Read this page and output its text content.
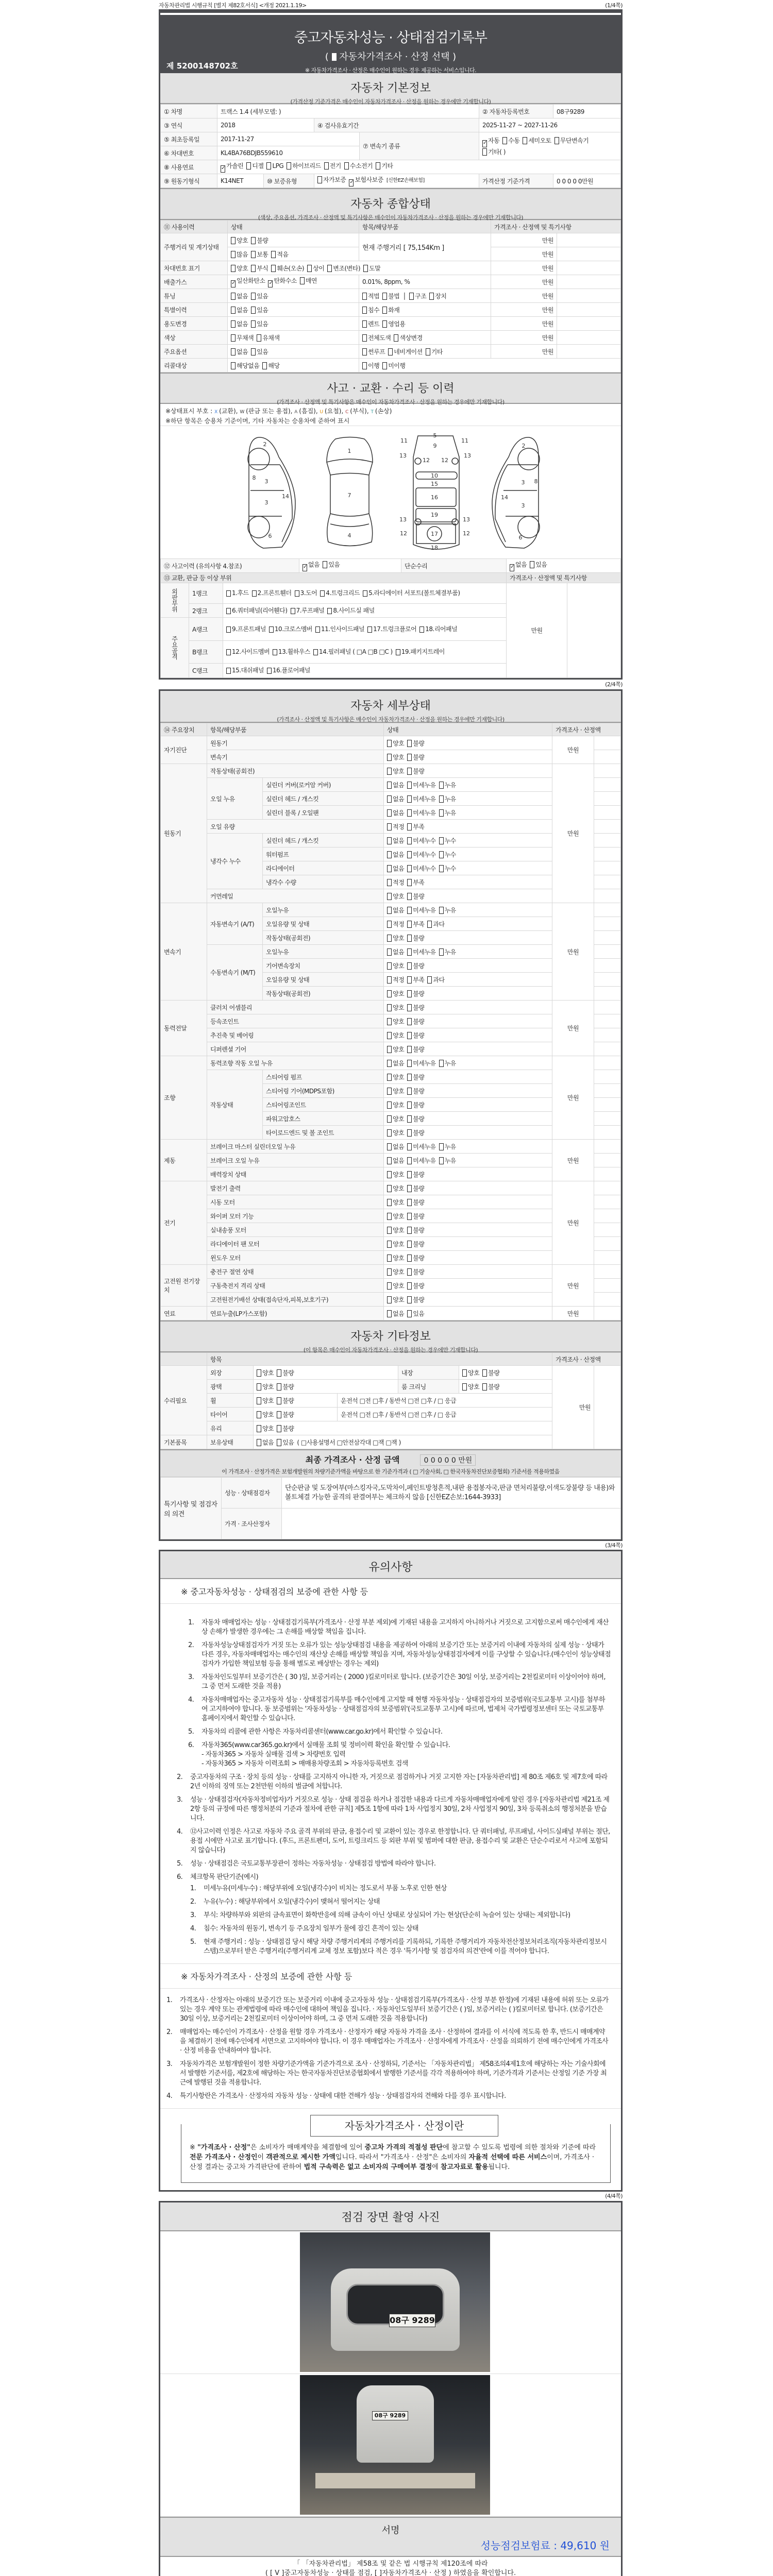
자동차관리법 시행규칙 [별지 제82호서식] <개정 2021.1.19>	(1/4쪽)
중고자동차성능 · 상태점검기록부
( 자동차가격조사 · 산정 선택 )
※ 자동차가격조사 · 산정은 매수인이 원하는 경우 제공하는 서비스입니다.
제 5200148702호
자동차 기본정보
(가격산정 기준가격은 매수인이 자동차가격조사 · 산정을 원하는 경우에만 기재합니다)
① 차명	트랙스 1.4 (세부모델: )				② 자동차등록번호	08구9289
③ 연식	2018		④ 검사유효기간		2025-11-27 ~ 2027-11-26	
⑤ 최초등록일	2017-11-27			⑦ 변속기 종류	✓ 자동 수동 세미오토 무단변속기기타( )	
⑥ 차대번호	KL4BA76BDJB559610					
⑧ 사용연료	✓ 가솔린 디젤 LPG 하이브리드 전기 수소전기 기타					
⑨ 원동기형식	K14NET	⑩ 보증유형	자가보증 ✓ 보험사보증 [신한EZ손해보험]		가격산정 기준가격	0 0 0 0 0만원
자동차 종합상태
(색상, 주요옵션, 가격조사 · 산정액 및 특기사항은 매수인이 자동차가격조사 · 산정을 원하는 경우에만 기재합니다)
⑪ 사용이력	상태	항목/해당부품	가격조사 · 산정액 및 특기사항	
주행거리 및 계기상태	양호 불량	현재 주행거리 [ 75,154Km ]	만원	
	많음 보통 적음		만원	
차대번호 표기	양호 부식 훼손(오손) 상이 변조(변타) 도말		만원	
배출가스	✓ 일산화탄소 ✓ 탄화수소 매연	0.01%, 8ppm, %	만원	
튜닝	없음 있음	적법 불법 │ 구조 장치	만원	
특별이력	없음 있음	침수 화재	만원	
용도변경	없음 있음	렌트 영업용	만원	
색상	무채색 유채색	전체도색 색상변경	만원	
주요옵션	없음 있음	썬루프 네비게이션 기타	만원	
리콜대상	해당없음 해당	이행 미이행		
사고 · 교환 · 수리 등 이력
(가격조사 · 산정액 및 특기사항은 매수인이 자동차가격조사 · 산정을 원하는 경우에만 기재합니다)
※상태표시 부호 : X (교환), W (판금 또는 용접), A (흠집), U (요철), C (부식), T (손상)
※하단 항목은 승용차 기준이며, 기타 자동차는 승용차에 준하여 표시
2
8
3
3
14
6
1
7
4
5
9
11	11
13	13
12 12
10
15
16
19
13	13
12	12
17
18
2
3 8
14
3
6
⑫ 사고이력 (유의사항 4.참조)			✓ 없음 있음	단순수리	✓ 없음 있음	
⑬ 교환, 판금 등 이상 부위					가격조사 · 산정액 및 특기사항	
외판부위	1랭크	1.후드 2.프론트휀더 3.도어 4.트렁크리드 5.라디에이터 서포트(볼트체결부품)			만원	
	2랭크	6.쿼터패널(리어휀다) 7.루프패널 8.사이드실 패널				
주요골격	A랭크	9.프론트패널 10.크로스멤버 11.인사이드패널 17.트렁크플로어 18.리어패널				
	B랭크	12.사이드멤버 13.휠하우스 14.필러패널 ( □A □B □C ) 19.패키지트레이				
	C랭크	15.대쉬패널 16.플로어패널				
(2/4쪽)
자동차 세부상태
(가격조사 · 산정액 및 특기사항은 매수인이 자동차가격조사 · 산정을 원하는 경우에만 기재합니다)
⑭ 주요장치	항목/해당부품		상태	가격조사 · 산정액	
자기진단	원동기		양호 불량	만원	
	변속기		양호 불량		
원동기	작동상태(공회전)		양호 불량	만원	
	오일 누유	실린더 커버(로커암 커버)	없음 미세누유 누유		
		실린더 헤드 / 개스킷	없음 미세누유 누유		
		실린더 블록 / 오일팬	없음 미세누유 누유		
	오일 유량		적정 부족		
	냉각수 누수	실린더 헤드 / 개스킷	없음 미세누수 누수		
		워터펌프	없음 미세누수 누수		
		라디에이터	없음 미세누수 누수		
		냉각수 수량	적정 부족		
	커먼레일		양호 불량		
변속기	자동변속기 (A/T)	오일누유	없음 미세누유 누유	만원	
		오일유량 및 상태	적정 부족 과다		
		작동상태(공회전)	양호 불량		
	수동변속기 (M/T)	오일누유	없음 미세누유 누유		
		기어변속장치	양호 불량		
		오일유량 및 상태	적정 부족 과다		
		작동상태(공회전)	양호 불량		
동력전달	클러치 어셈블리		양호 불량	만원	
	등속조인트		양호 불량		
	추진축 및 베어링		양호 불량		
	디퍼렌셜 기어		양호 불량		
조향	동력조향 작동 오일 누유		없음 미세누유 누유	만원	
	작동상태	스티어링 펌프	양호 불량		
		스티어링 기어(MDPS포함)	양호 불량		
		스티어링조인트	양호 불량		
		파워고압호스	양호 불량		
		타이로드엔드 및 볼 조인트	양호 불량		
제동	브레이크 마스터 실린더오일 누유		없음 미세누유 누유	만원	
	브레이크 오일 누유		없음 미세누유 누유		
	배력장치 상태		양호 불량		
전기	발전기 출력		양호 불량	만원	
	시동 모터		양호 불량		
	와이퍼 모터 기능		양호 불량		
	실내송풍 모터		양호 불량		
	라디에이터 팬 모터		양호 불량		
	윈도우 모터		양호 불량		
고전원 전기장치	충전구 절연 상태		양호 불량	만원	
	구동축전지 격리 상태		양호 불량		
	고전원전기배선 상태(접속단자,피복,보호기구)		양호 불량		
연료	연료누출(LP가스포함)		없음 있음	만원	
자동차 기타정보
(이 항목은 매수인이 자동차가격조사 · 산정을 원하는 경우에만 기재합니다)
	항목					가격조사 · 산정액	
수리필요	외장	양호 불량		내장	양호 불량	만원	
	광택	양호 불량		룸 크리닝	양호 불량		
	휠	양호 불량	운전석 □전 □후 / 동반석 □전 □후 / □ 응급				
	타이어	양호 불량	운전석 □전 □후 / 동반석 □전 □후 / □ 응급				
	유리	양호 불량					
기본품목	보유상태	없음 있음 ( □사용설명서 □안전삼각대 □잭 □잭 )					
최종 가격조사 · 산정 금액	0 0 0 0 0 만원
이 가격조사 · 산정가격은 보험개발원의 차량기준가액을 바탕으로 한 기준가격과 ( □ 기술사회, □ 한국자동차진단보증협회) 기준서를 적용하였음
특기사항 및 점검자의 의견	성능 · 상태점검자	단순판금 및 도장여부(마스킹자국,도막차이,페인트방청흔적,내판 용접봉자국,판금 면처리불량,이색도장불량 등 내용)와 볼트체결 가능한 골격의 판결여부는 체크하지 않음 [신한EZ손보:1644-3933]
	가격 · 조사산정자	
(3/4쪽)
유의사항
※ 중고자동차성능 · 상태점검의 보증에 관한 사항 등
1.	자동차 매매업자는 성능 · 상태점검기록부(가격조사 · 산정 부분 제외)에 기재된 내용을 고지하지 아니하거나 거짓으로 고지함으로써 매수인에게 재산상 손해가 발생한 경우에는 그 손해를 배상할 책임을 집니다.
2.	자동차성능상태점검자가 거짓 또는 오류가 있는 성능상태점검 내용을 제공하여 아래의 보증기간 또는 보증거리 이내에 자동차의 실제 성능 · 상태가 다른 경우, 자동차매매업자는 매수인의 재산상 손해를 배상할 책임을 지며, 자동차성능상태점검자에게 이를 구상할 수 있습니다.(매수인이 성능상태점검자가 가입한 책임보험 등을 통해 별도로 배상받는 경우는 제외)
3.	자동차인도일부터 보증기간은 ( 30 )일, 보증거리는 ( 2000 )킬로미터로 합니다. (보증기간은 30일 이상, 보증거리는 2천킬로미터 이상이어야 하며, 그 중 먼저 도래한 것을 적용)
4.	자동차매매업자는 중고자동차 성능 · 상태점검기록부를 매수인에게 고지할 때 현행 자동차성능 · 상태점검자의 보증범위(국토교통부 고시)를 첨부하여 고지하여야 합니다. 동 보증범위는 '자동차성능 · 상태점검자의 보증범위'(국토교통부 고시)에 따르며, 법제처 국가법령정보센터 또는 국토교통부 홈페이지에서 확인할 수 있습니다.
5.	자동차의 리콜에 관한 사항은 자동차리콜센터(www.car.go.kr)에서 확인할 수 있습니다.
6.	자동차365(www.car365.go.kr)에서 실매물 조회 및 정비이력 확인을 확인할 수 있습니다.
- 자동차365 > 자동차 실매물 검색 > 차량번호 입력
- 자동차365 > 자동차 이력조회 > 매매용차량조회 > 자동차등록번호 검색
2.	중고자동차의 구조 · 장치 등의 성능 · 상태를 고지하지 아니한 자, 거짓으로 점검하거나 거짓 고지한 자는 [자동차관리법] 제 80조 제6호 및 제7호에 따라 2년 이하의 징역 또는 2천만원 이하의 벌금에 처합니다.
3.	성능 · 상태점검자(자동차정비업자)가 거짓으로 성능 · 상태 점검을 하거나 점검한 내용과 다르게 자동차매매업자에게 알린 경우 [자동차관리법 제21조 제2항 등의 규정에 따른 행정처분의 기준과 절차에 관한 규칙] 제5조 1항에 따라 1차 사업정지 30일, 2차 사업정지 90일, 3차 등록취소의 행정처분을 받습니다.
4.	⑫사고이력 인정은 사고로 자동차 주요 골격 부위의 판금, 용접수리 및 교환이 있는 경우로 한정합니다. 단 쿼터패널, 루프패널, 사이드실패널 부위는 절단, 용접 시에만 사고로 표기합니다. (후드, 프론트펜더, 도어, 트렁크리드 등 외판 부위 및 범퍼에 대한 판금, 용접수리 및 교환은 단순수리로서 사고에 포함되지 않습니다)
5.	성능 · 상태점검은 국토교통부장관이 정하는 자동차성능 · 상태점검 방법에 따라야 합니다.
6.	체크항목 판단기준(예시)
1.	미세누유(미세누수) : 해당부위에 오일(냉각수)이 비치는 정도로서 부품 노후로 인한 현상
2.	누유(누수) : 해당부위에서 오일(냉각수)이 맺혀서 떨어지는 상태
3.	부식: 차량하부와 외판의 금속표면이 화학반응에 의해 금속이 아닌 상태로 상실되어 가는 현상(단순히 녹슬어 있는 상태는 제외합니다)
4.	침수: 자동차의 원동기, 변속기 등 주요장치 일부가 물에 잠긴 흔적이 있는 상태
5.	현재 주행거리 : 성능 · 상태점검 당시 해당 차량 주행거리계의 주행거리를 기록하되, 기록한 주행거리가 자동차전산정보처리조직(자동차관리정보시스템)으로부터 받은 주행거리(주행거리계 교체 정보 포함)보다 적은 경우 '특기사항 및 점검자의 의견'란에 이를 적어야 합니다.
※ 자동차가격조사 · 산정의 보증에 관한 사항 등
1.	가격조사 · 산정자는 아래의 보증기간 또는 보증거리 이내에 중고자동차 성능 · 상태점검기록부(가격조사 · 산정 부분 한정)에 기재된 내용에 허위 또는 오류가 있는 경우 계약 또는 관계법령에 따라 매수인에 대하여 책임을 집니다. · 자동차인도일부터 보증기간은 ( )일, 보증거리는 ( )킬로미터로 합니다. (보증기간은 30일 이상, 보증거리는 2천킬로미터 이상이어야 하며, 그 중 먼저 도래한 것을 적용합니다)
2.	매매업자는 매수인이 가격조사 · 산정을 원할 경우 가격조사 · 산정자가 해당 자동차 가격을 조사 · 산정하여 결과를 이 서식에 적도록 한 후, 반드시 매매계약을 체결하기 전에 매수인에게 서면으로 고지하여야 합니다. 이 경우 매매업자는 가격조사 · 산정자에게 가격조사 · 산정을 의뢰하기 전에 매수인에게 가격조사 · 산정 비용을 안내하여야 합니다.
3.	자동차가격은 보험개발원이 정한 차량기준가액을 기준가격으로 조사 · 산정하되, 기준서는 「자동차관리법」 제58조의4제1호에 해당하는 자는 기술사회에서 발행한 기준서를, 제2호에 해당하는 자는 한국자동차진단보증협회에서 발행한 기준서를 각각 적용하여야 하며, 기준가격과 기준서는 산정일 기준 가장 최근에 발행된 것을 적용합니다.
4.	특기사항란은 가격조사 · 산정자의 자동차 성능 · 상태에 대한 견해가 성능 · 상태점검자의 견해와 다를 경우 표시합니다.
자동차가격조사 · 산정이란
※ "가격조사 · 산정"은 소비자가 매매계약을 체결함에 있어 중고차 가격의 적절성 판단에 참고할 수 있도록 법령에 의한 절차와 기준에 따라 전문 가격조사 · 산정인이 객관적으로 제시한 가액입니다. 따라서 "가격조사 · 산정"은 소비자의 자율적 선택에 따른 서비스이며, 가격조사 · 산정 결과는 중고차 가격판단에 관하여 법적 구속력은 없고 소비자의 구매여부 결정에 참고자료로 활용됩니다.
(4/4쪽)
점검 장면 촬영 사진
08구 9289
08구 9289
서명
성능점검보험료 : 49,610 원
「 「자동차관리법」 제58조 및 같은 법 시행규칙 제120조에 따라
( [ V ]중고자동차성능 · 상태를 점검, [ ]자동차가격조사 · 산정 ) 하였음을 확인합니다.
